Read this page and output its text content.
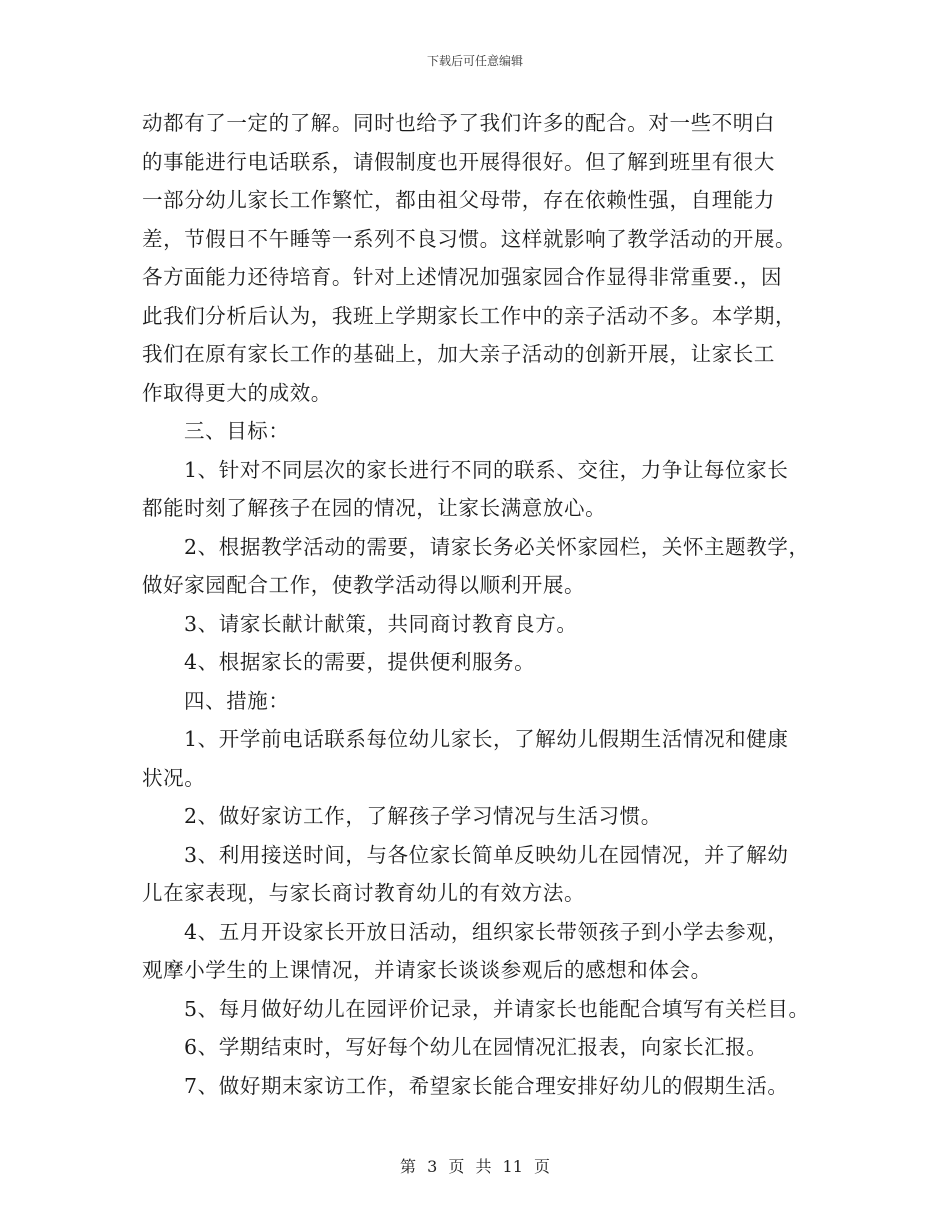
下载后可任意编辑
动都有了一定的了解。同时也给予了我们许多的配合。对一些不明白
的事能进行电话联系，请假制度也开展得很好。但了解到班里有很大
一部分幼儿家长工作繁忙，都由祖父母带，存在依赖性强，自理能力
差，节假日不午睡等一系列不良习惯。这样就影响了教学活动的开展。
各方面能力还待培育。针对上述情况加强家园合作显得非常重要.，因
此我们分析后认为，我班上学期家长工作中的亲子活动不多。本学期，
我们在原有家长工作的基础上，加大亲子活动的创新开展，让家长工
作取得更大的成效。
三、目标：
1、针对不同层次的家长进行不同的联系、交往，力争让每位家长
都能时刻了解孩子在园的情况，让家长满意放心。
2、根据教学活动的需要，请家长务必关怀家园栏，关怀主题教学，
做好家园配合工作，使教学活动得以顺利开展。
3、请家长献计献策，共同商讨教育良方。
4、根据家长的需要，提供便利服务。
四、措施：
1、开学前电话联系每位幼儿家长，了解幼儿假期生活情况和健康
状况。
2、做好家访工作，了解孩子学习情况与生活习惯。
3、利用接送时间，与各位家长简单反映幼儿在园情况，并了解幼
儿在家表现，与家长商讨教育幼儿的有效方法。
4、五月开设家长开放日活动，组织家长带领孩子到小学去参观，
观摩小学生的上课情况，并请家长谈谈参观后的感想和体会。
5、每月做好幼儿在园评价记录，并请家长也能配合填写有关栏目。
6、学期结束时，写好每个幼儿在园情况汇报表，向家长汇报。
7、做好期末家访工作，希望家长能合理安排好幼儿的假期生活。
第 3 页 共 11 页
